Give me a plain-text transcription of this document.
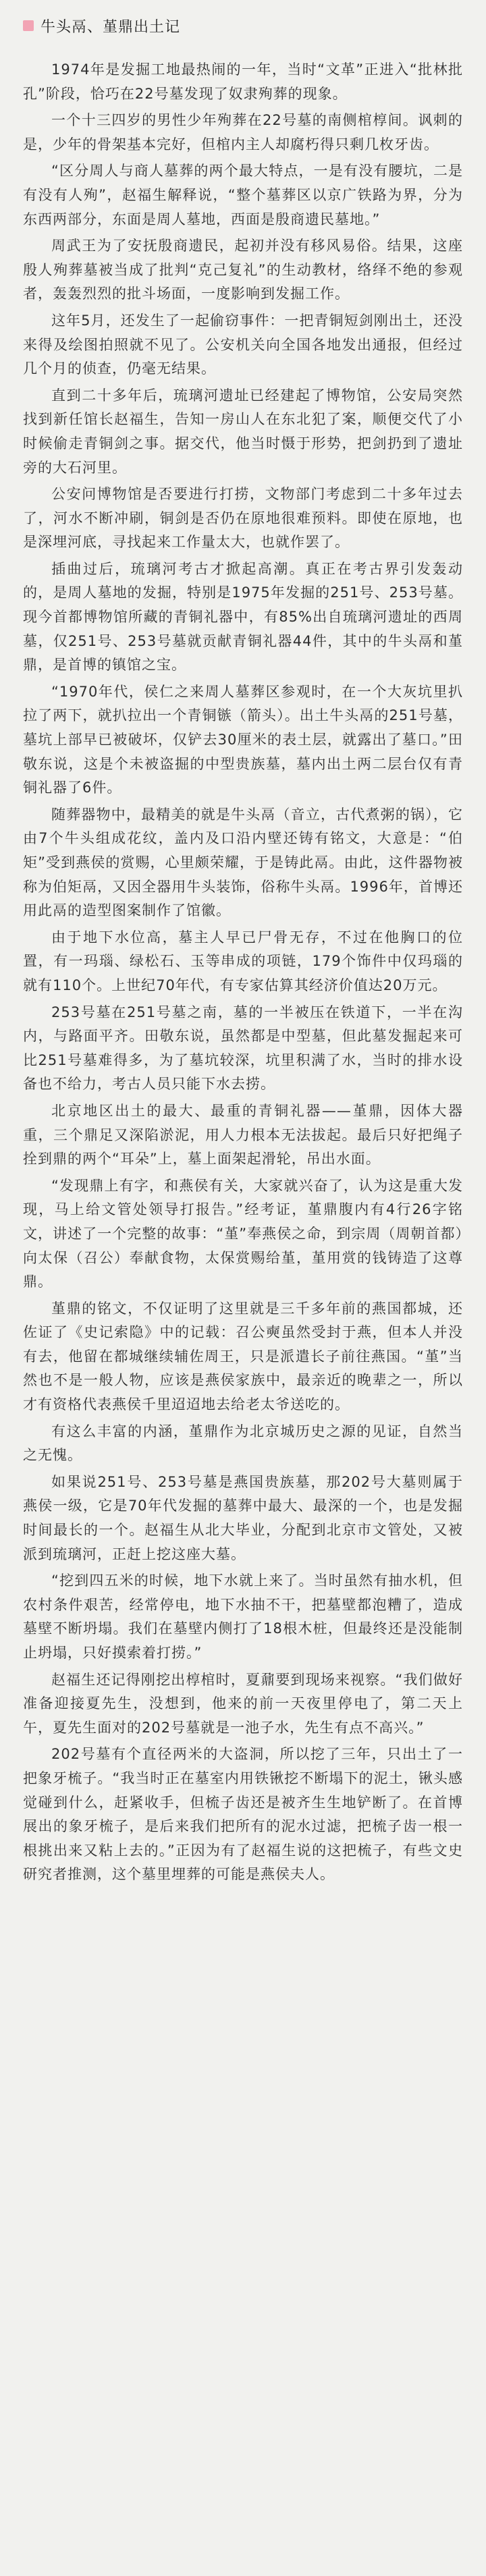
牛头鬲、堇鼎出土记

1974年是发掘工地最热闹的一年，当时“文革”正进入“批林批孔”阶段，恰巧在22号墓发现了奴隶殉葬的现象。

一个十三四岁的男性少年殉葬在22号墓的南侧棺椁间。讽刺的是，少年的骨架基本完好，但棺内主人却腐朽得只剩几枚牙齿。

“区分周人与商人墓葬的两个最大特点，一是有没有腰坑，二是有没有人殉”，赵福生解释说，“整个墓葬区以京广铁路为界，分为东西两部分，东面是周人墓地，西面是殷商遗民墓地。”

周武王为了安抚殷商遗民，起初并没有移风易俗。结果，这座殷人殉葬墓被当成了批判“克己复礼”的生动教材，络绎不绝的参观者，轰轰烈烈的批斗场面，一度影响到发掘工作。

这年5月，还发生了一起偷窃事件：一把青铜短剑刚出土，还没来得及绘图拍照就不见了。公安机关向全国各地发出通报，但经过几个月的侦查，仍毫无结果。

直到二十多年后，琉璃河遗址已经建起了博物馆，公安局突然找到新任馆长赵福生，告知一房山人在东北犯了案，顺便交代了小时候偷走青铜剑之事。据交代，他当时慑于形势，把剑扔到了遗址旁的大石河里。

公安问博物馆是否要进行打捞，文物部门考虑到二十多年过去了，河水不断冲刷，铜剑是否仍在原地很难预料。即使在原地，也是深埋河底，寻找起来工作量太大，也就作罢了。

插曲过后，琉璃河考古才掀起高潮。真正在考古界引发轰动的，是周人墓地的发掘，特别是1975年发掘的251号、253号墓。现今首都博物馆所藏的青铜礼器中，有85%出自琉璃河遗址的西周墓，仅251号、253号墓就贡献青铜礼器44件，其中的牛头鬲和堇鼎，是首博的镇馆之宝。

“1970年代，侯仁之来周人墓葬区参观时，在一个大灰坑里扒拉了两下，就扒拉出一个青铜镞（箭头）。出土牛头鬲的251号墓，墓坑上部早已被破坏，仅铲去30厘米的表土层，就露出了墓口。”田敬东说，这是个未被盗掘的中型贵族墓，墓内出土两二层台仅有青铜礼器了6件。

随葬器物中，最精美的就是牛头鬲（音立，古代煮粥的锅），它由7个牛头组成花纹，盖内及口沿内壁还铸有铭文，大意是：“伯矩”受到燕侯的赏赐，心里颇荣耀，于是铸此鬲。由此，这件器物被称为伯矩鬲，又因全器用牛头装饰，俗称牛头鬲。1996年，首博还用此鬲的造型图案制作了馆徽。

由于地下水位高，墓主人早已尸骨无存，不过在他胸口的位置，有一玛瑙、绿松石、玉等串成的项链，179个饰件中仅玛瑙的就有110个。上世纪70年代，有专家估算其经济价值达20万元。

253号墓在251号墓之南，墓的一半被压在铁道下，一半在沟内，与路面平齐。田敬东说，虽然都是中型墓，但此墓发掘起来可比251号墓难得多，为了墓坑较深，坑里积满了水，当时的排水设备也不给力，考古人员只能下水去捞。

北京地区出土的最大、最重的青铜礼器——堇鼎，因体大器重，三个鼎足又深陷淤泥，用人力根本无法拔起。最后只好把绳子拴到鼎的两个“耳朵”上，墓上面架起滑轮，吊出水面。

“发现鼎上有字，和燕侯有关，大家就兴奋了，认为这是重大发现，马上给文管处领导打报告。”经考证，堇鼎腹内有4行26字铭文，讲述了一个完整的故事：“堇”奉燕侯之命，到宗周（周朝首都）向太保（召公）奉献食物，太保赏赐给堇，堇用赏的钱铸造了这尊鼎。

堇鼎的铭文，不仅证明了这里就是三千多年前的燕国都城，还佐证了《史记索隐》中的记载：召公奭虽然受封于燕，但本人并没有去，他留在都城继续辅佐周王，只是派遣长子前往燕国。“堇”当然也不是一般人物，应该是燕侯家族中，最亲近的晚辈之一，所以才有资格代表燕侯千里迢迢地去给老太爷送吃的。

有这么丰富的内涵，堇鼎作为北京城历史之源的见证，自然当之无愧。

如果说251号、253号墓是燕国贵族墓，那202号大墓则属于燕侯一级，它是70年代发掘的墓葬中最大、最深的一个，也是发掘时间最长的一个。赵福生从北大毕业，分配到北京市文管处，又被派到琉璃河，正赶上挖这座大墓。

“挖到四五米的时候，地下水就上来了。当时虽然有抽水机，但农村条件艰苦，经常停电，地下水抽不干，把墓壁都泡糟了，造成墓壁不断坍塌。我们在墓壁内侧打了18根木桩，但最终还是没能制止坍塌，只好摸索着打捞。”

赵福生还记得刚挖出椁棺时，夏鼐要到现场来视察。“我们做好准备迎接夏先生，没想到，他来的前一天夜里停电了，第二天上午，夏先生面对的202号墓就是一池子水，先生有点不高兴。”

202号墓有个直径两米的大盗洞，所以挖了三年，只出土了一把象牙梳子。“我当时正在墓室内用铁锹挖不断塌下的泥土，锹头感觉碰到什么，赶紧收手，但梳子齿还是被齐生生地铲断了。在首博展出的象牙梳子，是后来我们把所有的泥水过滤，把梳子齿一根一根挑出来又粘上去的。”正因为有了赵福生说的这把梳子，有些文史研究者推测，这个墓里埋葬的可能是燕侯夫人。
